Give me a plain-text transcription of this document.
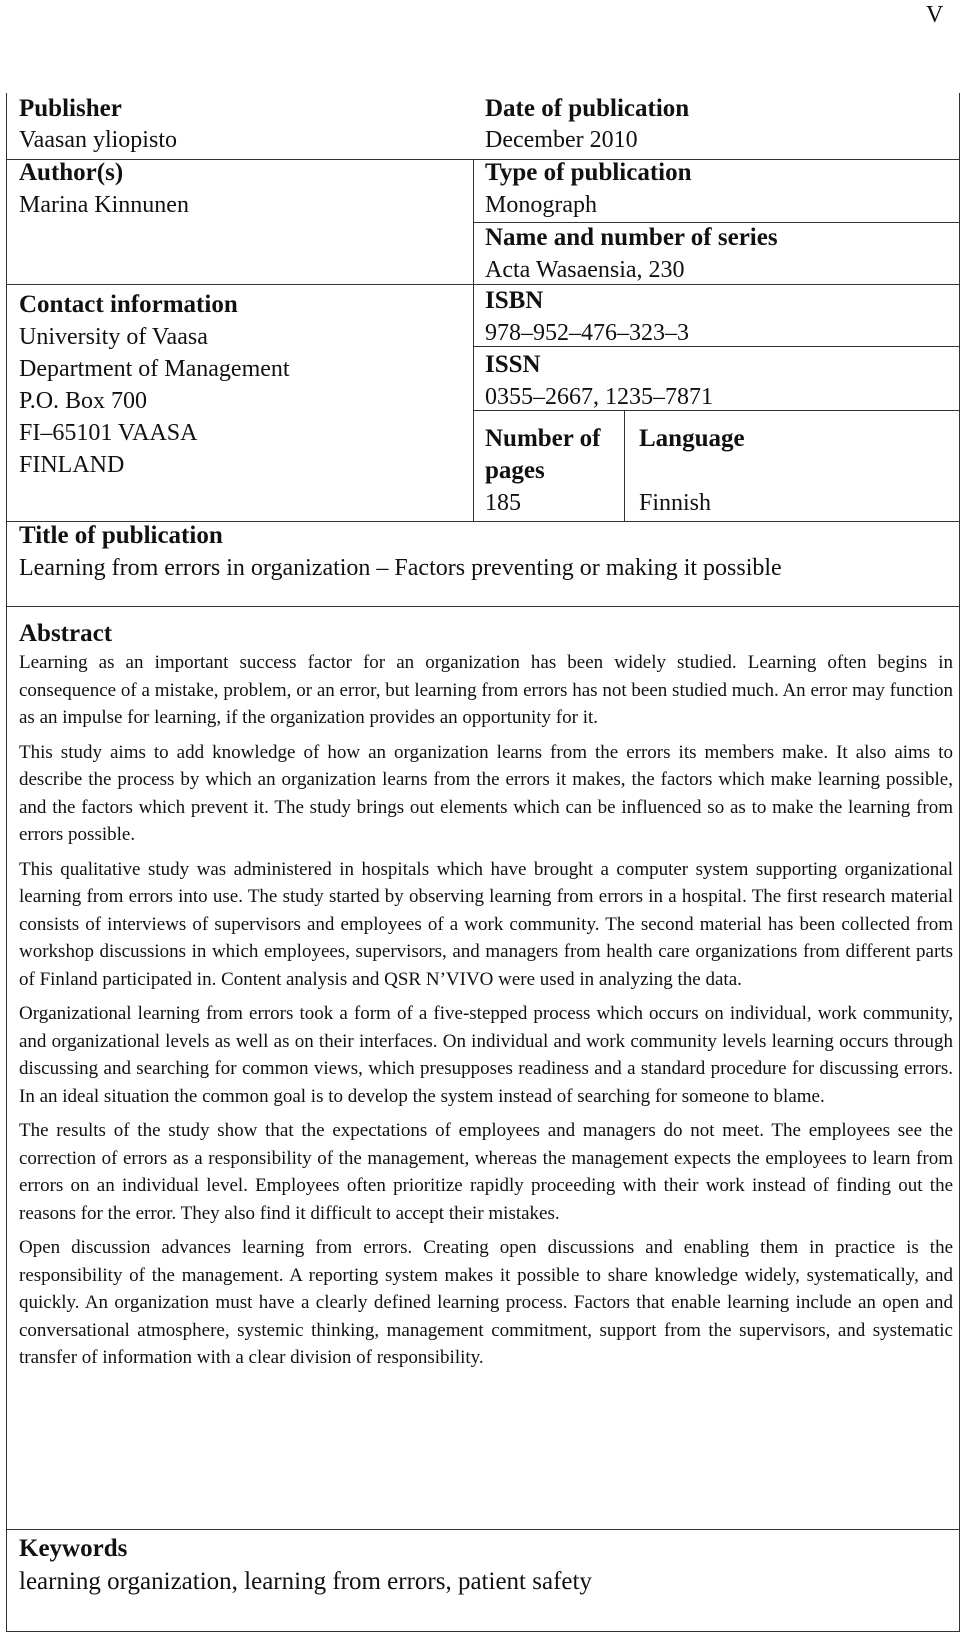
V
Publisher
Vaasan yliopisto
Author(s)
Marina Kinnunen
Contact information
University of Vaasa
Department of Management
P.O. Box 700
FI–65101 VAASA
FINLAND
Date of publication
December 2010
Type of publication
Monograph
Name and number of series
Acta Wasaensia, 230
ISBN
978–952–476–323–3
ISSN
0355–2667, 1235–7871
Number of pages
185
Language
Finnish
Title of publication
Learning from errors in organization – Factors preventing or making it possible
Abstract

Learning as an important success factor for an organization has been widely studied. Learning often begins in consequence of a mistake, problem, or an error, but learning from errors has not been studied much. An error may function as an impulse for learning, if the organization provides an opportunity for it.

This study aims to add knowledge of how an organization learns from the errors its members make. It also aims to describe the process by which an organization learns from the errors it makes, the factors which make learning possible, and the factors which prevent it. The study brings out elements which can be influenced so as to make the learning from errors possible.

This qualitative study was administered in hospitals which have brought a computer system supporting organizational learning from errors into use. The study started by observing learning from errors in a hospital. The first research material consists of interviews of supervisors and employees of a work community. The second material has been collected from workshop discussions in which employees, supervisors, and managers from health care organizations from different parts of Finland participated in. Content analysis and QSR N’VIVO were used in analyzing the data.

Organizational learning from errors took a form of a five-stepped process which occurs on individual, work community, and organizational levels as well as on their interfaces. On individual and work community levels learning occurs through discussing and searching for common views, which presupposes readiness and a standard procedure for discussing errors. In an ideal situation the common goal is to develop the system instead of searching for someone to blame.

The results of the study show that the expectations of employees and managers do not meet. The employees see the correction of errors as a responsibility of the management, whereas the management expects the employees to learn from errors on an individual level. Employees often prioritize rapidly proceeding with their work instead of finding out the reasons for the error. They also find it difficult to accept their mistakes.

Open discussion advances learning from errors. Creating open discussions and enabling them in practice is the responsibility of the management. A reporting system makes it possible to share knowledge widely, systematically, and quickly. An organization must have a clearly defined learning process. Factors that enable learning include an open and conversational atmosphere, systemic thinking, management commitment, support from the supervisors, and systematic transfer of information with a clear division of responsibility.

Keywords
learning organization, learning from errors, patient safety
